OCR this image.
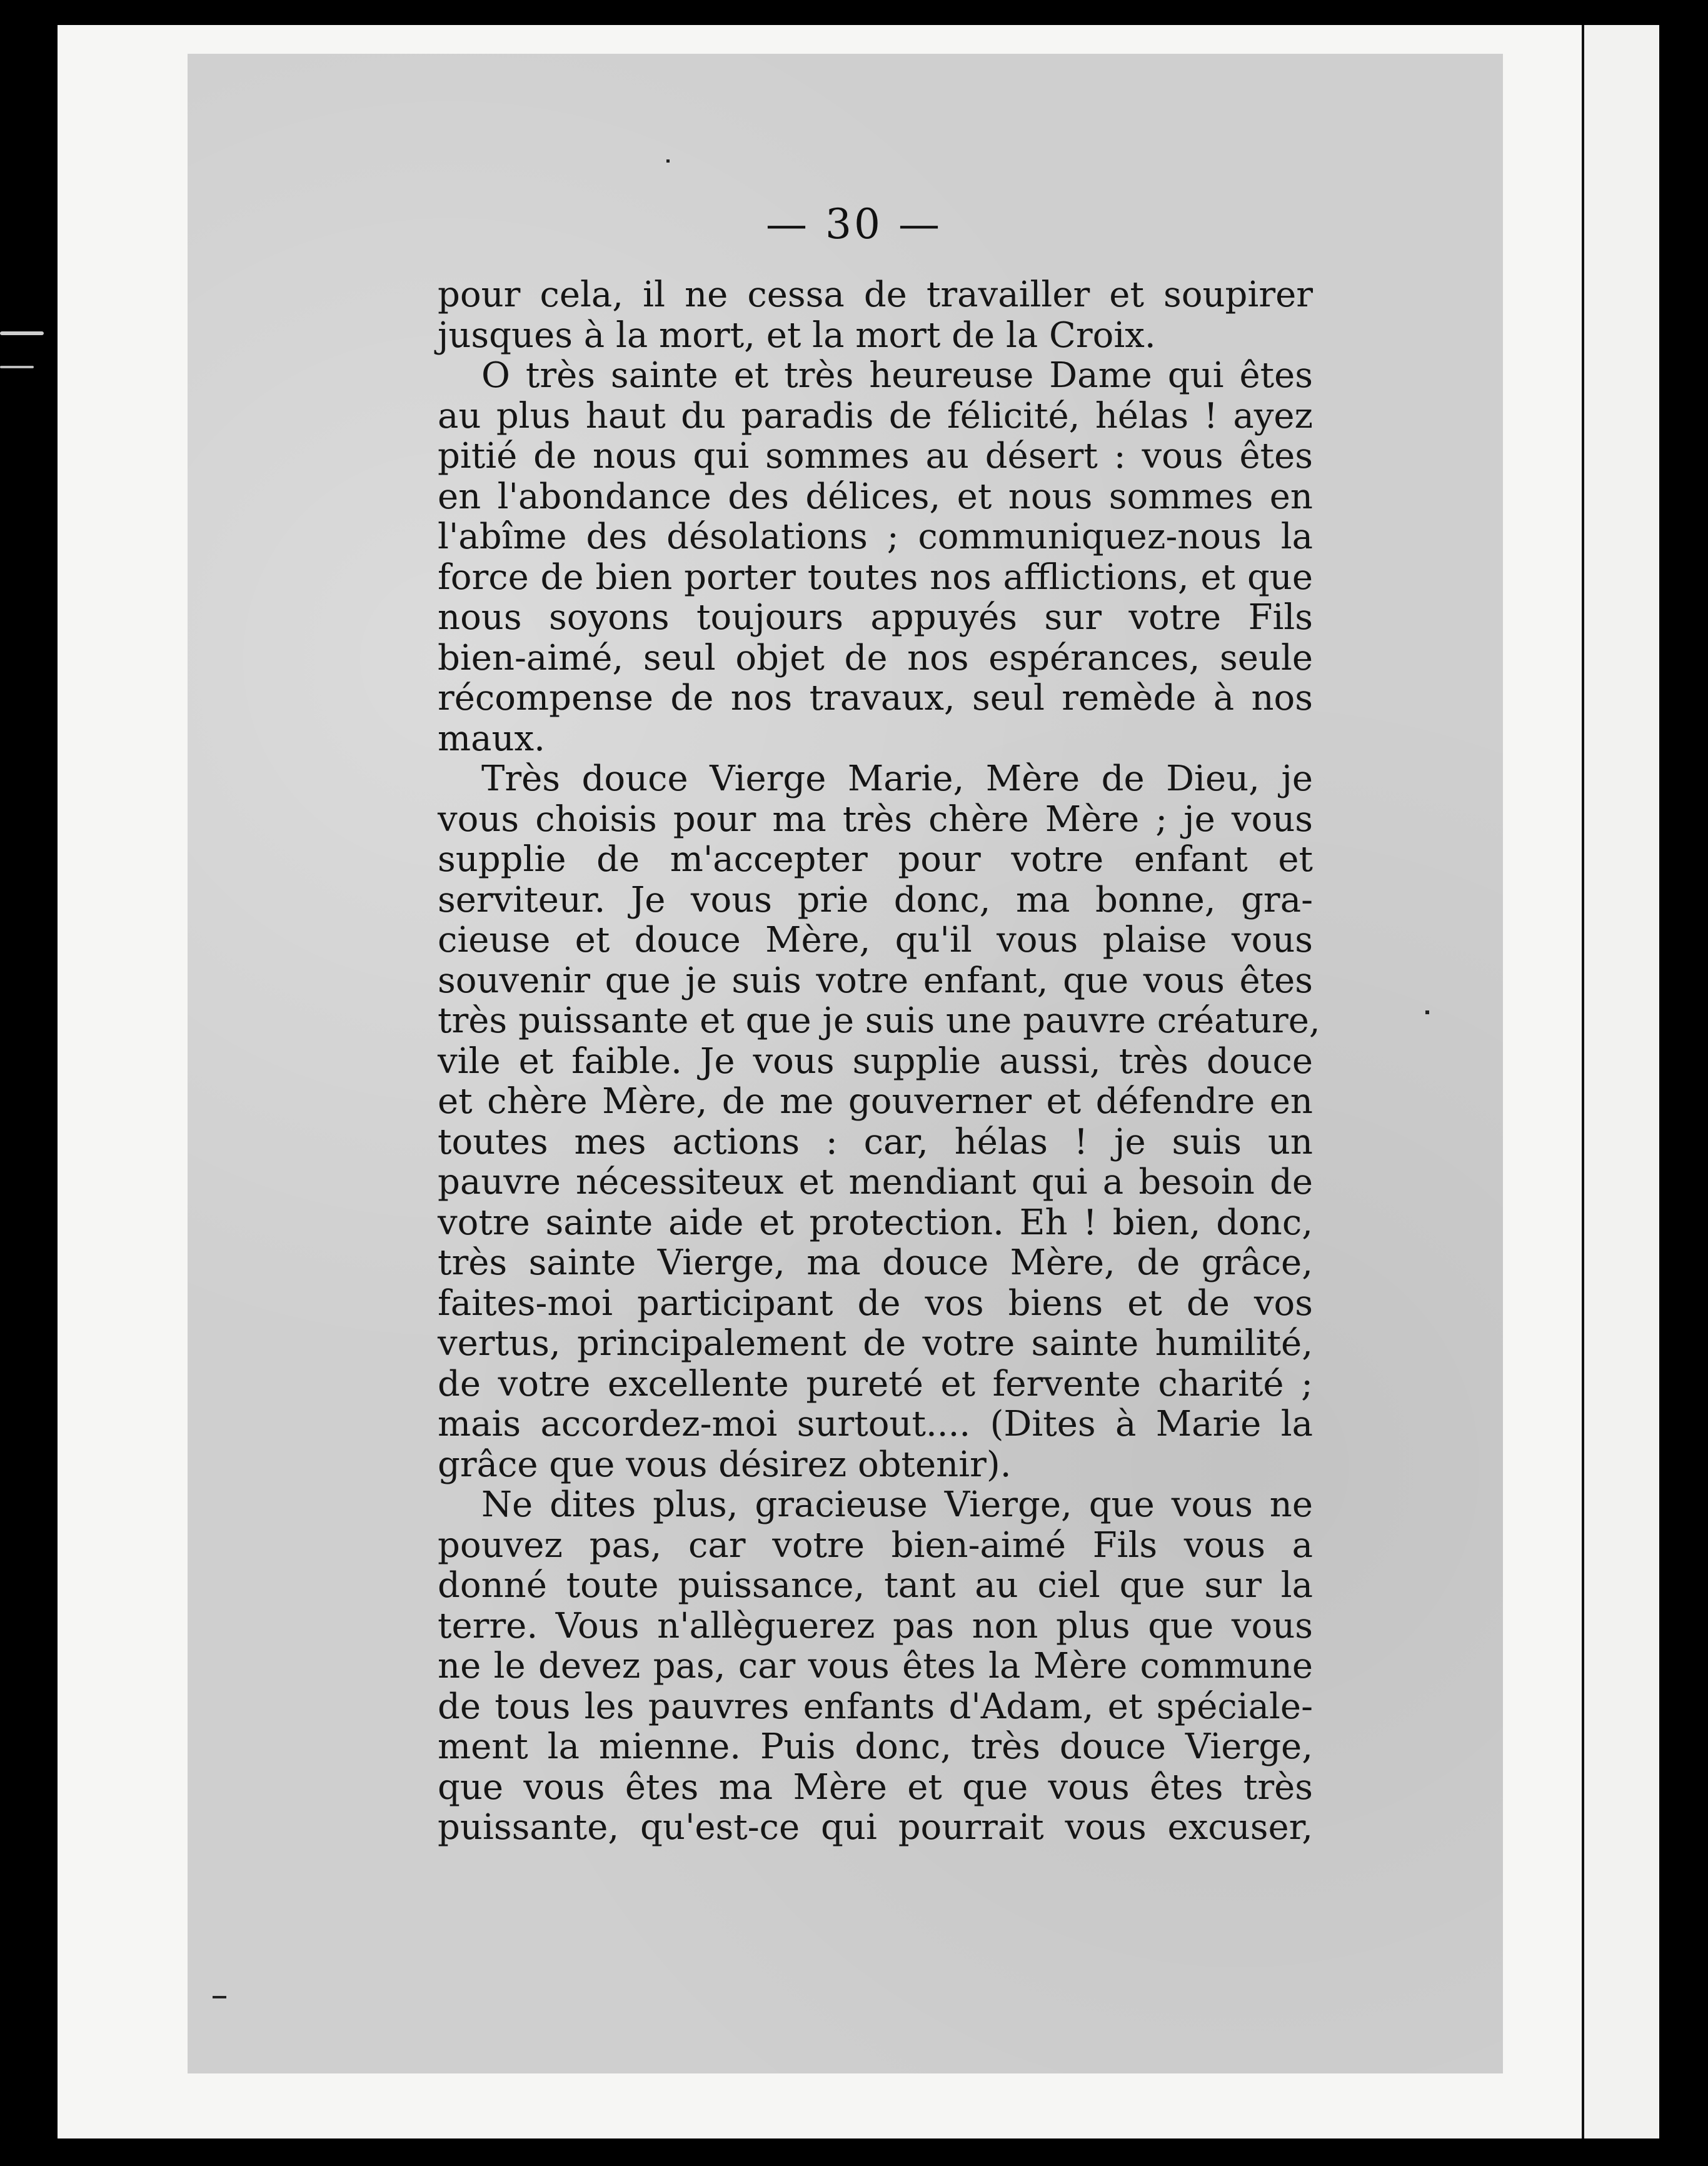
— 30 —
pour cela, il ne cessa de travailler et soupirer
jusques à la mort, et la mort de la Croix.
O très sainte et très heureuse Dame qui êtes
au plus haut du paradis de félicité, hélas ! ayez
pitié de nous qui sommes au désert : vous êtes
en l'abondance des délices, et nous sommes en
l'abîme des désolations ; communiquez-nous la
force de bien porter toutes nos afflictions, et que
nous soyons toujours appuyés sur votre Fils
bien-aimé, seul objet de nos espérances, seule
récompense de nos travaux, seul remède à nos
maux.
Très douce Vierge Marie, Mère de Dieu, je
vous choisis pour ma très chère Mère ; je vous
supplie de m'accepter pour votre enfant et
serviteur. Je vous prie donc, ma bonne, gra-
cieuse et douce Mère, qu'il vous plaise vous
souvenir que je suis votre enfant, que vous êtes
très puissante et que je suis une pauvre créature,
vile et faible. Je vous supplie aussi, très douce
et chère Mère, de me gouverner et défendre en
toutes mes actions : car, hélas ! je suis un
pauvre nécessiteux et mendiant qui a besoin de
votre sainte aide et protection. Eh ! bien, donc,
très sainte Vierge, ma douce Mère, de grâce,
faites-moi participant de vos biens et de vos
vertus, principalement de votre sainte humilité,
de votre excellente pureté et fervente charité ;
mais accordez-moi surtout.... (Dites à Marie la
grâce que vous désirez obtenir).
Ne dites plus, gracieuse Vierge, que vous ne
pouvez pas, car votre bien-aimé Fils vous a
donné toute puissance, tant au ciel que sur la
terre. Vous n'allèguerez pas non plus que vous
ne le devez pas, car vous êtes la Mère commune
de tous les pauvres enfants d'Adam, et spéciale-
ment la mienne. Puis donc, très douce Vierge,
que vous êtes ma Mère et que vous êtes très
puissante, qu'est-ce qui pourrait vous excuser,
